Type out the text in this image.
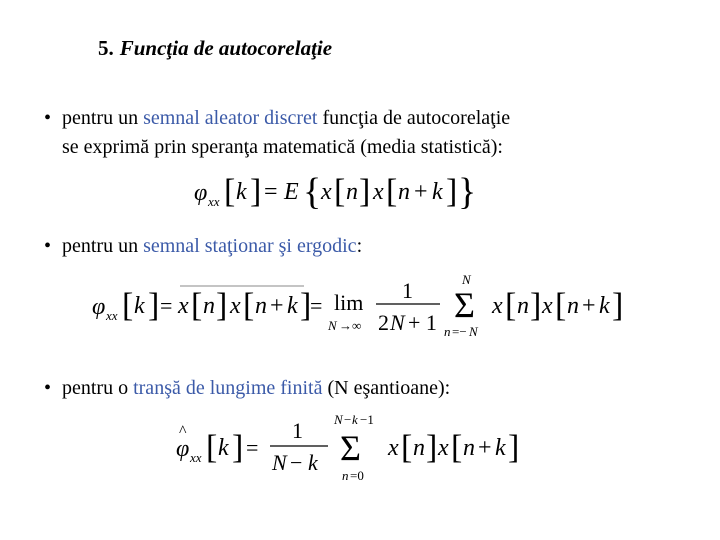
5. Funcţia de autocorelaţie
• pentru un semnal aleator discret funcţia de autocorelaţie
se exprimă prin speranţa matematică (media statistică):
φ xx [ k ] = E { x [ n ] x [ n + k ] }
• pentru un semnal staţionar şi ergodic:
φ xx [ k ] = x [ n ] x [ n + k ]
= lim
N →∞
1
2 N + 1
N
Σ
n =− N
x [ n ] x [ n + k ]
• pentru o tranşă de lungime finită (N eşantioane):
φ
^
xx [ k ] =
1
N − k
N − k −1
Σ
n =0
x [ n ] x [ n + k ]
